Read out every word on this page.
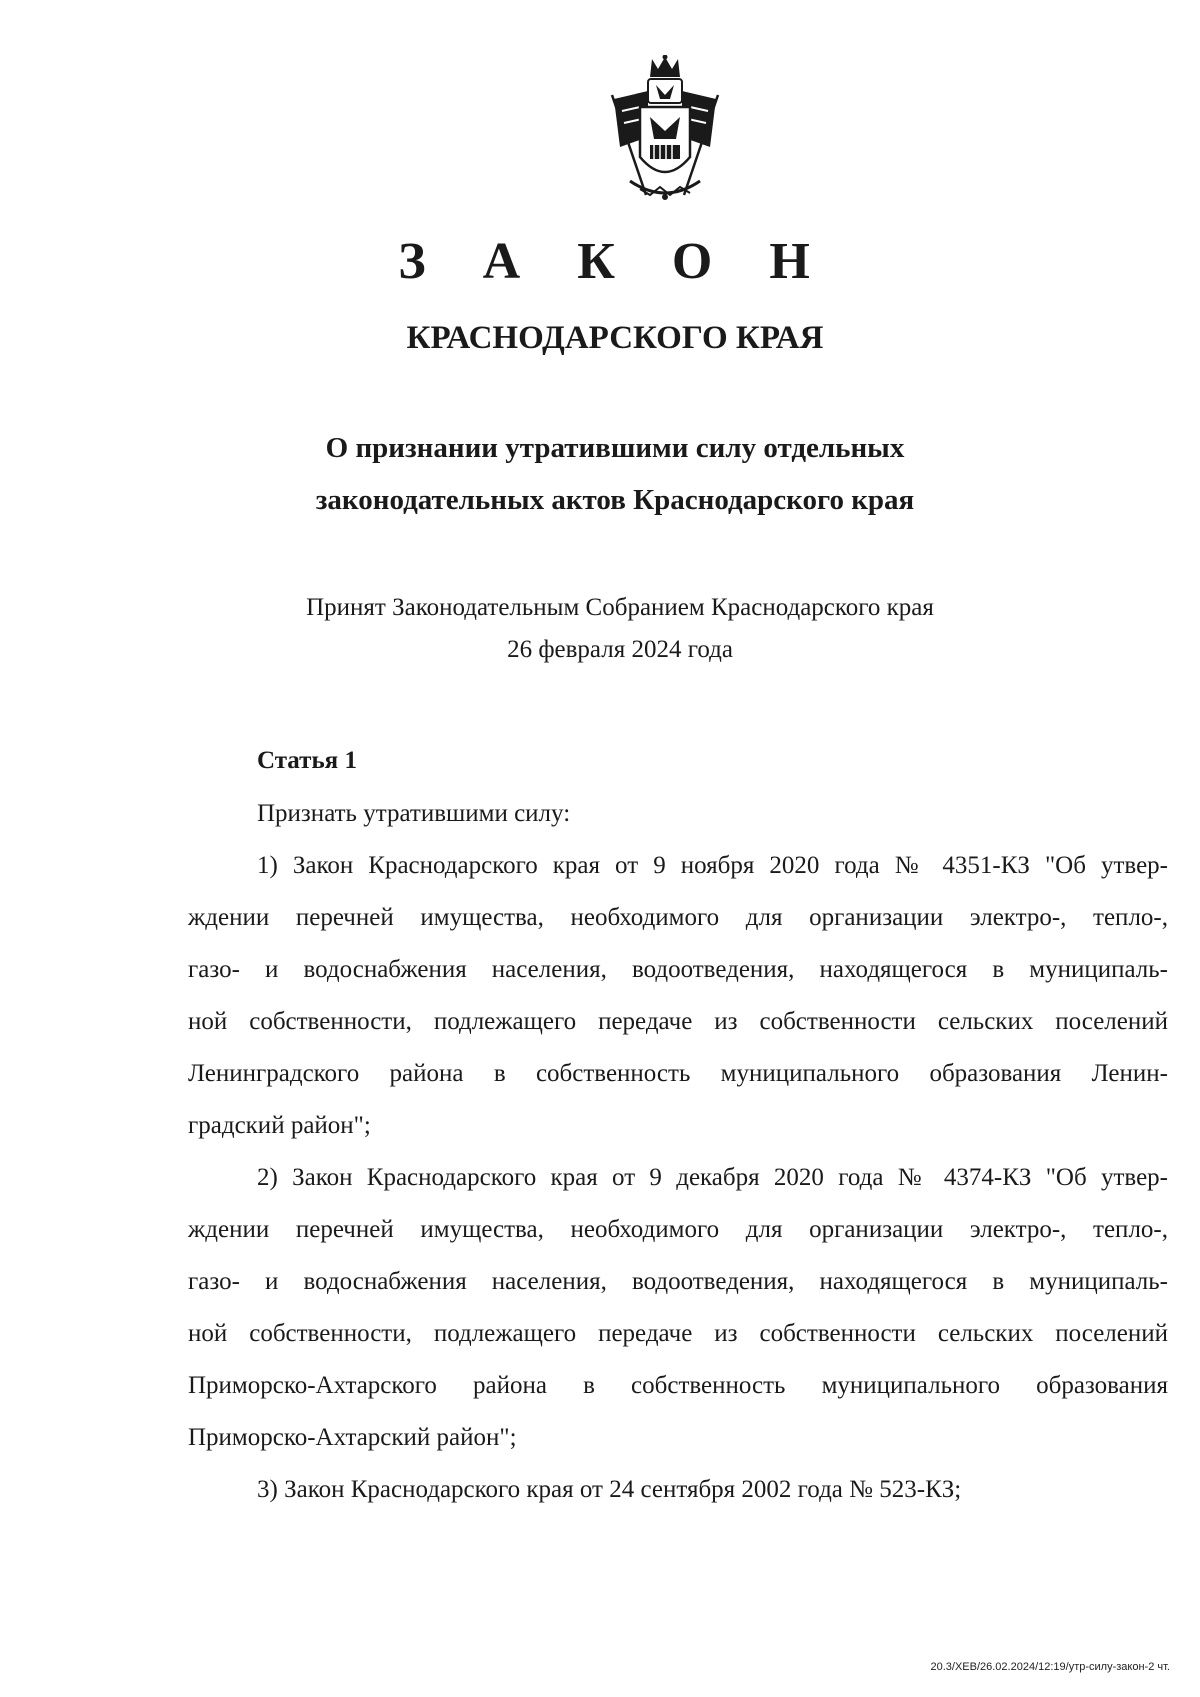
З А К О Н
КРАСНОДАРСКОГО КРАЯ
О признании утратившими силу отдельных
законодательных актов Краснодарского края
Принят Законодательным Собранием Краснодарского края
26 февраля 2024 года
Статья 1
Признать утратившими силу:
1) Закон Краснодарского края от 9 ноября 2020 года № 4351-КЗ "Об утвер-
ждении перечней имущества, необходимого для организации электро-, тепло-,
газо- и водоснабжения населения, водоотведения, находящегося в муниципаль-
ной собственности, подлежащего передаче из собственности сельских поселений
Ленинградского района в собственность муниципального образования Ленин-
градский район";
2) Закон Краснодарского края от 9 декабря 2020 года № 4374-КЗ "Об утвер-
ждении перечней имущества, необходимого для организации электро-, тепло-,
газо- и водоснабжения населения, водоотведения, находящегося в муниципаль-
ной собственности, подлежащего передаче из собственности сельских поселений
Приморско-Ахтарского района в собственность муниципального образования
Приморско-Ахтарский район";
3) Закон Краснодарского края от 24 сентября 2002 года № 523-КЗ;
20.3/ХЕВ/26.02.2024/12:19/утр-силу-закон-2 чт.
